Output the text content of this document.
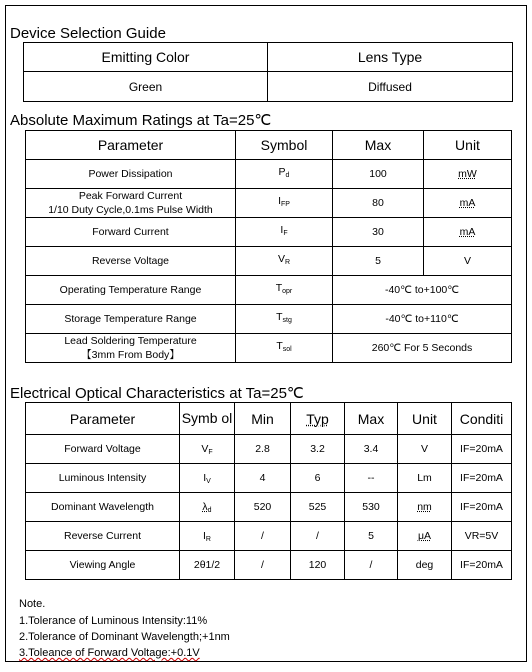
Device Selection Guide
Emitting Color	Lens Type
Green	Diffused
Absolute Maximum Ratings at Ta=25℃
Parameter	Symbol	Max	Unit
Power Dissipation	$P_d$	100	mW

Peak Forward Current
1/10 Duty Cycle,0.1ms Pulse Width	$I_{FP}$	80	mA
Forward Current	$I_F$	30	mA
Reverse Voltage	$V_R$	5	V
Operating Temperature Range	$T_{opr}$	-40℃ to+100℃	
Storage Temperature Range	$T_{stg}$	-40℃ to+110℃	

Lead Soldering Temperature
【3mm From Body】	$T_{sol}$	260℃ For 5 Seconds	
Electrical Optical Characteristics at Ta=25℃
Parameter	Symb ol	Min	Typ	Max	Unit	Conditi
Forward Voltage	$V_F$	2.8	3.2	3.4	V	IF=20mA
Luminous Intensity	$I_V$	4	6	--	Lm	IF=20mA
Dominant Wavelength	$\lambda_d$	520	525	530	nm	IF=20mA
Reverse Current	$I_R$	/	/	5	μA	VR=5V
Viewing Angle	2θ1/2	/	120	/	deg	IF=20mA
Note.
1.Tolerance of Luminous Intensity:11%
2.Tolerance of Dominant Wavelength;+1nm
3.Toleance of Forward Voltage:+0.1V
